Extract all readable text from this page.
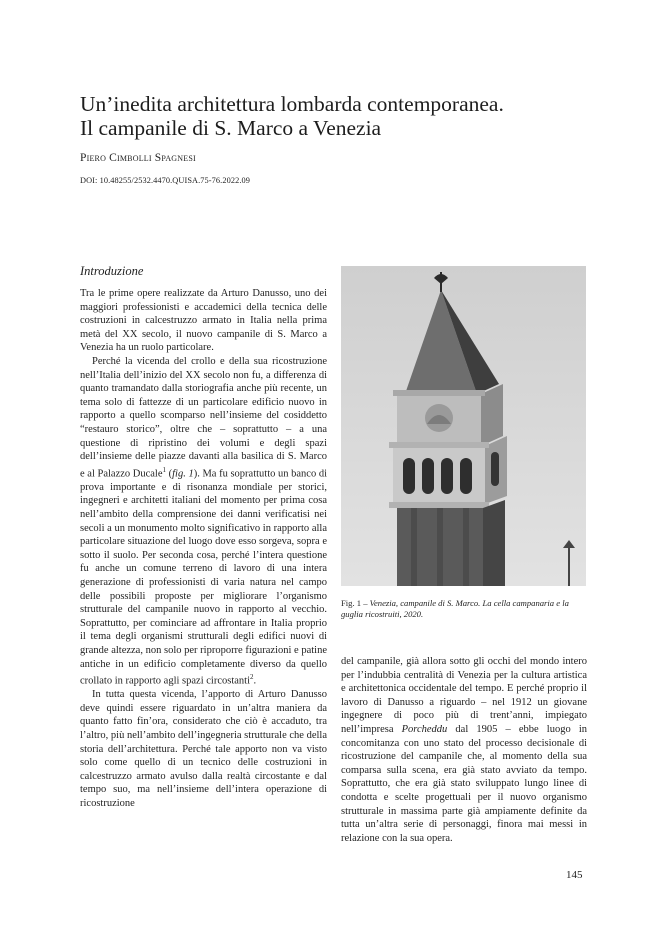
Un’inedita architettura lombarda contemporanea.
Il campanile di S. Marco a Venezia
Piero Cimbolli Spagnesi
DOI: 10.48255/2532.4470.QUISA.75-76.2022.09
Introduzione

Tra le prime opere realizzate da Arturo Danusso, uno dei maggiori professionisti e accademici della tecnica delle costruzioni in calcestruzzo armato in Italia nella prima metà del XX secolo, il nuovo campanile di S. Marco a Venezia ha un ruolo particolare.

Perché la vicenda del crollo e della sua ricostruzione nell’Italia dell’inizio del XX secolo non fu, a differenza di quanto tramandato dalla storiografia anche più recente, un tema solo di fattezze di un particolare edificio nuovo in rapporto a quello scomparso nell’insieme del cosiddetto “restauro storico”, oltre che – soprattutto – a una questione di ripristino dei volumi e degli spazi dell’insieme delle piazze davanti alla basilica di S. Marco e al Palazzo Ducale$^1$ (fig. 1). Ma fu soprattutto un banco di prova importante e di risonanza mondiale per storici, ingegneri e architetti italiani del momento per prima cosa nell’ambito della comprensione dei danni verificatisi nei secoli a un monumento molto significativo in rapporto alla particolare situazione del luogo dove esso sorgeva, sopra e sotto il suolo. Per seconda cosa, perché l’intera questione fu anche un comune terreno di lavoro di una intera generazione di professionisti di varia natura nel campo delle possibili proposte per migliorare l’organismo strutturale del campanile nuovo in rapporto al vecchio. Soprattutto, per cominciare ad affrontare in Italia proprio il tema degli organismi strutturali degli edifici nuovi di grande altezza, non solo per riproporre figurazioni e patine antiche in un edificio completamente diverso da quello crollato in rapporto agli spazi circostanti$^2$.

In tutta questa vicenda, l’apporto di Arturo Danusso deve quindi essere riguardato in un’altra maniera da quanto fatto fin’ora, considerato che ciò è accaduto, tra l’altro, più nell’ambito dell’ingegneria strutturale che della storia dell’architettura. Perché tale apporto non va visto solo come quello di un tecnico delle costruzioni in calcestruzzo armato avulso dalla realtà circostante e dal tempo suo, ma nell’insieme dell’intera operazione di ricostruzione

Fig. 1 – Venezia, campanile di S. Marco. La cella campanaria e la guglia ricostruiti, 2020.

del campanile, già allora sotto gli occhi del mondo intero per l’indubbia centralità di Venezia per la cultura artistica e architettonica occidentale del tempo. E perché proprio il lavoro di Danusso a riguardo – nel 1912 un giovane ingegnere di poco più di trent’anni, impiegato nell’impresa Porcheddu dal 1905 – ebbe luogo in concomitanza con uno stato del processo decisionale di ricostruzione del campanile che, al momento della sua comparsa sulla scena, era già stato avviato da tempo. Soprattutto, che era già stato sviluppato lungo linee di condotta e scelte progettuali per il nuovo organismo strutturale in massima parte già ampiamente definite da tutta un’altra serie di personaggi, finora mai messi in relazione con la sua opera.

145
